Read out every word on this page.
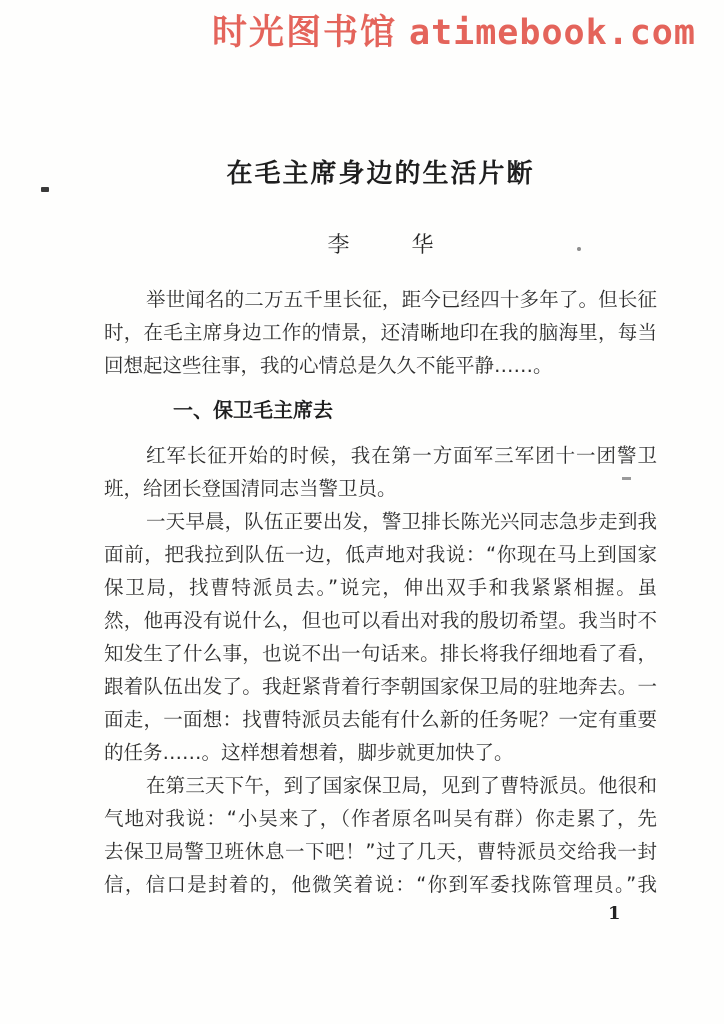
时光图书馆 atimebook.com
在毛主席身边的生活片断
李	华
举世闻名的二万五千里长征，距今已经四十多年了。但长征
时，在毛主席身边工作的情景，还清晰地印在我的脑海里，每当
回想起这些往事，我的心情总是久久不能平静……。
一、保卫毛主席去
红军长征开始的时候，我在第一方面军三军团十一团警卫
班，给团长登国清同志当警卫员。
一天早晨，队伍正要出发，警卫排长陈光兴同志急步走到我
面前，把我拉到队伍一边，低声地对我说：“你现在马上到国家
保卫局，找曹特派员去。”说完，伸出双手和我紧紧相握。虽
然，他再没有说什么，但也可以看出对我的殷切希望。我当时不
知发生了什么事，也说不出一句话来。排长将我仔细地看了看，
跟着队伍出发了。我赶紧背着行李朝国家保卫局的驻地奔去。一
面走，一面想：找曹特派员去能有什么新的任务呢？一定有重要
的任务……。这样想着想着，脚步就更加快了。
在第三天下午，到了国家保卫局，见到了曹特派员。他很和
气地对我说：“小吴来了，（作者原名叫吴有群）你走累了，先
去保卫局警卫班休息一下吧！”过了几天，曹特派员交给我一封
信，信口是封着的，他微笑着说：“你到军委找陈管理员。”我
1
